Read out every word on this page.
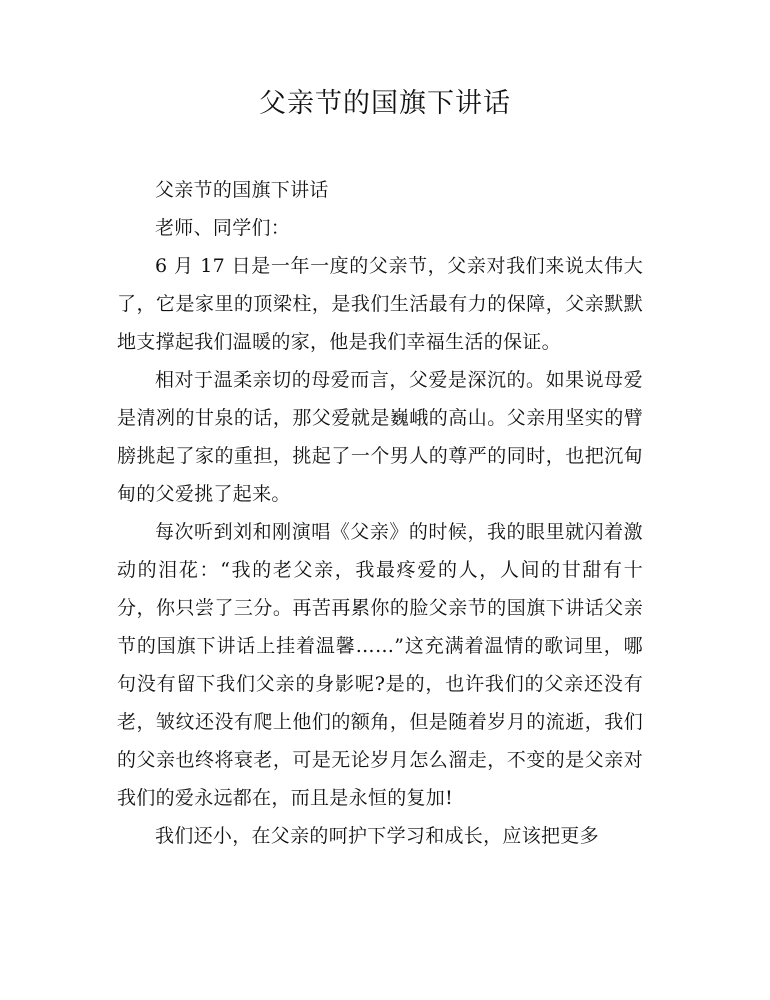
父亲节的国旗下讲话

父亲节的国旗下讲话

老师、同学们：

6 月 17 日是一年一度的父亲节，父亲对我们来说太伟大了，它是家里的顶梁柱，是我们生活最有力的保障，父亲默默地支撑起我们温暖的家，他是我们幸福生活的保证。

相对于温柔亲切的母爱而言，父爱是深沉的。如果说母爱是清冽的甘泉的话，那父爱就是巍峨的高山。父亲用坚实的臂膀挑起了家的重担，挑起了一个男人的尊严的同时，也把沉甸甸的父爱挑了起来。

每次听到刘和刚演唱《父亲》的时候，我的眼里就闪着激动的泪花：“我的老父亲，我最疼爱的人，人间的甘甜有十分，你只尝了三分。再苦再累你的脸父亲节的国旗下讲话父亲节的国旗下讲话上挂着温馨……”这充满着温情的歌词里，哪句没有留下我们父亲的身影呢?是的，也许我们的父亲还没有老，皱纹还没有爬上他们的额角，但是随着岁月的流逝，我们的父亲也终将衰老，可是无论岁月怎么溜走，不变的是父亲对我们的爱永远都在，而且是永恒的复加!

我们还小，在父亲的呵护下学习和成长，应该把更多
